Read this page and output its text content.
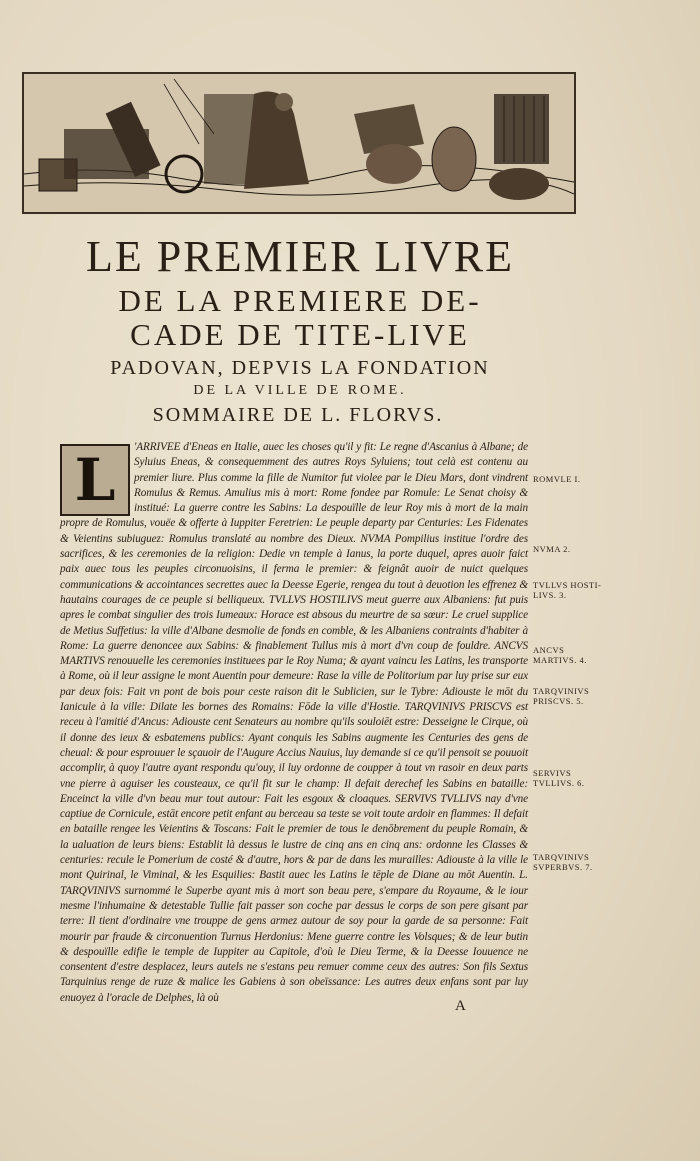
LE PREMIER LIVRE
DE LA PREMIERE DE-
CADE DE TITE-LIVE
PADOVAN, DEPVIS LA FONDATION
DE LA VILLE DE ROME.
SOMMAIRE DE L. FLORVS.

'ARRIVEE d'Eneas en Italie, auec les choses qu'il y fit: Le regne d'Ascanius à Albane; de Syluius Eneas, & consequemment des autres Roys Syluiens; tout celà est contenu au premier liure. Plus comme la fille de Numitor fut violee par le Dieu Mars, dont vindrent Romulus & Remus. Amulius mis à mort: Rome fondee par Romule: Le Senat choisy & institué: La guerre contre les Sabins: La despouïlle de leur Roy mis à mort de la main propre de Romulus, vouëe & offerte à Iuppiter Feretrien: Le peuple departy par Centuries: Les Fidenates & Veientins subiuguez: Romulus translaté au nombre des Dieux. NVMA Pompilius institue l'ordre des sacrifices, & les ceremonies de la religion: Dedie vn temple à Ianus, la porte duquel, apres auoir faict paix auec tous les peuples circonuoisins, il ferma le premier: & feignât auoir de nuict quelques communications & accointances secrettes auec la Deesse Egerie, rengea du tout à deuotion les effrenez & hautains courages de ce peuple si belliqueux. TVLLVS HOSTILIVS meut guerre aux Albaniens: fut puis apres le combat singulier des trois Iumeaux: Horace est absous du meurtre de sa sœur: Le cruel supplice de Metius Suffetius: la ville d'Albane desmolie de fonds en comble, & les Albaniens contraints d'habiter à Rome: La guerre denoncee aux Sabins: & finablement Tullus mis à mort d'vn coup de fouldre. ANCVS MARTIVS renouuelle les ceremonies instituees par le Roy Numa; & ayant vaincu les Latins, les transporte à Rome, où il leur assigne le mont Auentin pour demeure: Rase la ville de Politorium par luy prise sur eux par deux fois: Fait vn pont de bois pour ceste raison dit le Sublicien, sur le Tybre: Adiouste le mōt du Ianicule à la ville: Dilate les bornes des Romains: Fōde la ville d'Hostie. TARQVINIVS PRISCVS est receu à l'amitié d'Ancus: Adiouste cent Senateurs au nombre qu'ils souloiēt estre: Desseigne le Cirque, où il donne des ieux & esbatemens publics: Ayant conquis les Sabins augmente les Centuries des gens de cheual: & pour esprouuer le sçauoir de l'Augure Accius Nauius, luy demande si ce qu'il pensoit se pouuoit accomplir, à quoy l'autre ayant respondu qu'ouy, il luy ordonne de coupper à tout vn rasoir en deux parts vne pierre à aguiser les cousteaux, ce qu'il fit sur le champ: Il defait derechef les Sabins en bataille: Enceinct la ville d'vn beau mur tout autour: Fait les esgoux & cloaques. SERVIVS TVLLIVS nay d'vne captiue de Cornicule, estāt encore petit enfant au berceau sa teste se voit toute ardoir en flammes: Il defait en bataille rengee les Veientins & Toscans: Fait le premier de tous le denōbrement du peuple Romain, & la ualuation de leurs biens: Establit là dessus le lustre de cinq ans en cinq ans: ordonne les Classes & centuries: recule le Pomerium de costé & d'autre, hors & par de dans les murailles: Adiouste à la ville le mont Quirinal, le Viminal, & les Esquilies: Bastit auec les Latins le tēple de Diane au mōt Auentin. L. TARQVINIVS surnommé le Superbe ayant mis à mort son beau pere, s'empare du Royaume, & le iour mesme l'inhumaine & detestable Tullie fait passer son coche par dessus le corps de son pere gisant par terre: Il tient d'ordinaire vne trouppe de gens armez autour de soy pour la garde de sa personne: Fait mourir par fraude & circonuention Turnus Herdonius: Mene guerre contre les Volsques; & de leur butin & despouïlle edifie le temple de Iuppiter au Capitole, d'où le Dieu Terme, & la Deesse Iouuence ne consentent d'estre desplacez, leurs autels ne s'estans peu remuer comme ceux des autres: Son fils Sextus Tarquinius renge de ruze & malice les Gabiens à son obeïssance: Les autres deux enfans sont par luy enuoyez à l'oracle de Delphes, là où

L	ROMVLE I.
NVMA 2.
TVLLVS HOSTI-LIVS. 3.
ANCVS MARTIVS. 4.
TARQVINIVS PRISCVS. 5.
SERVIVS TVLLIVS. 6.
TARQVINIVS SVPERBVS. 7.
A
